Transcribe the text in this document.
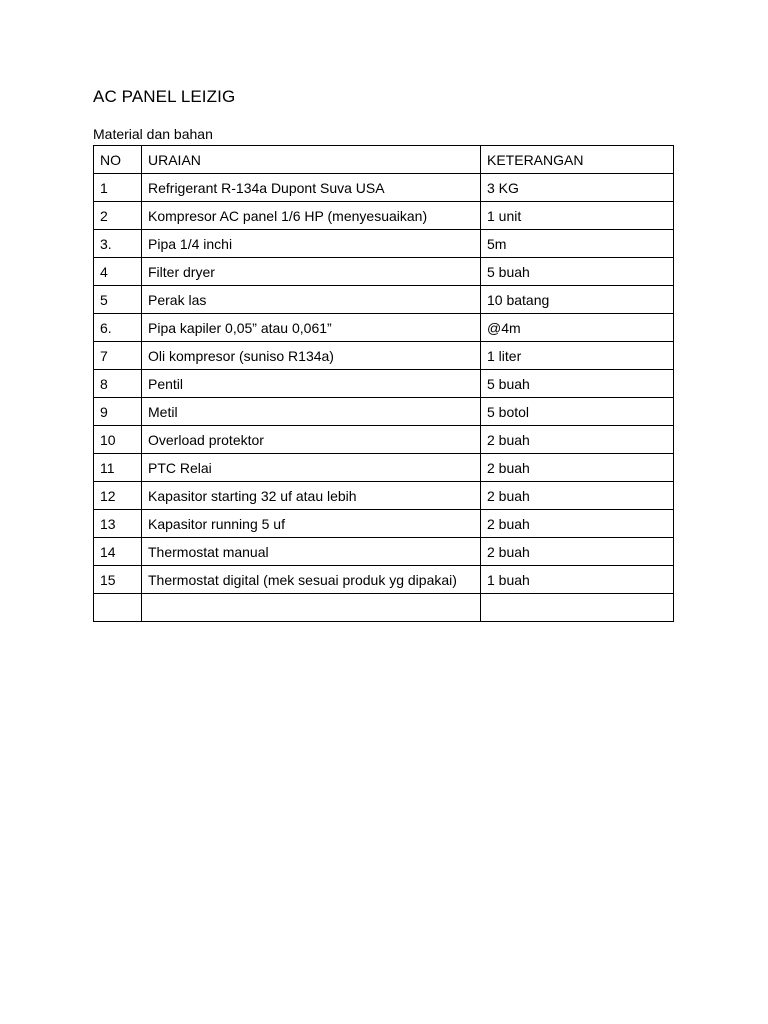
AC PANEL LEIZIG

Material dan bahan

NO	URAIAN	KETERANGAN
1	Refrigerant R-134a Dupont Suva USA	3 KG
2	Kompresor AC panel 1/6 HP (menyesuaikan)	1 unit
3.	Pipa 1/4 inchi	5m
4	Filter dryer	5 buah
5	Perak las	10 batang
6.	Pipa kapiler 0,05” atau 0,061”	@4m
7	Oli kompresor (suniso R134a)	1 liter
8	Pentil	5 buah
9	Metil	5 botol
10	Overload protektor	2 buah
11	PTC Relai	2 buah
12	Kapasitor starting 32 uf atau lebih	2 buah
13	Kapasitor running 5 uf	2 buah
14	Thermostat manual	2 buah
15	Thermostat digital (mek sesuai produk yg dipakai)	1 buah
